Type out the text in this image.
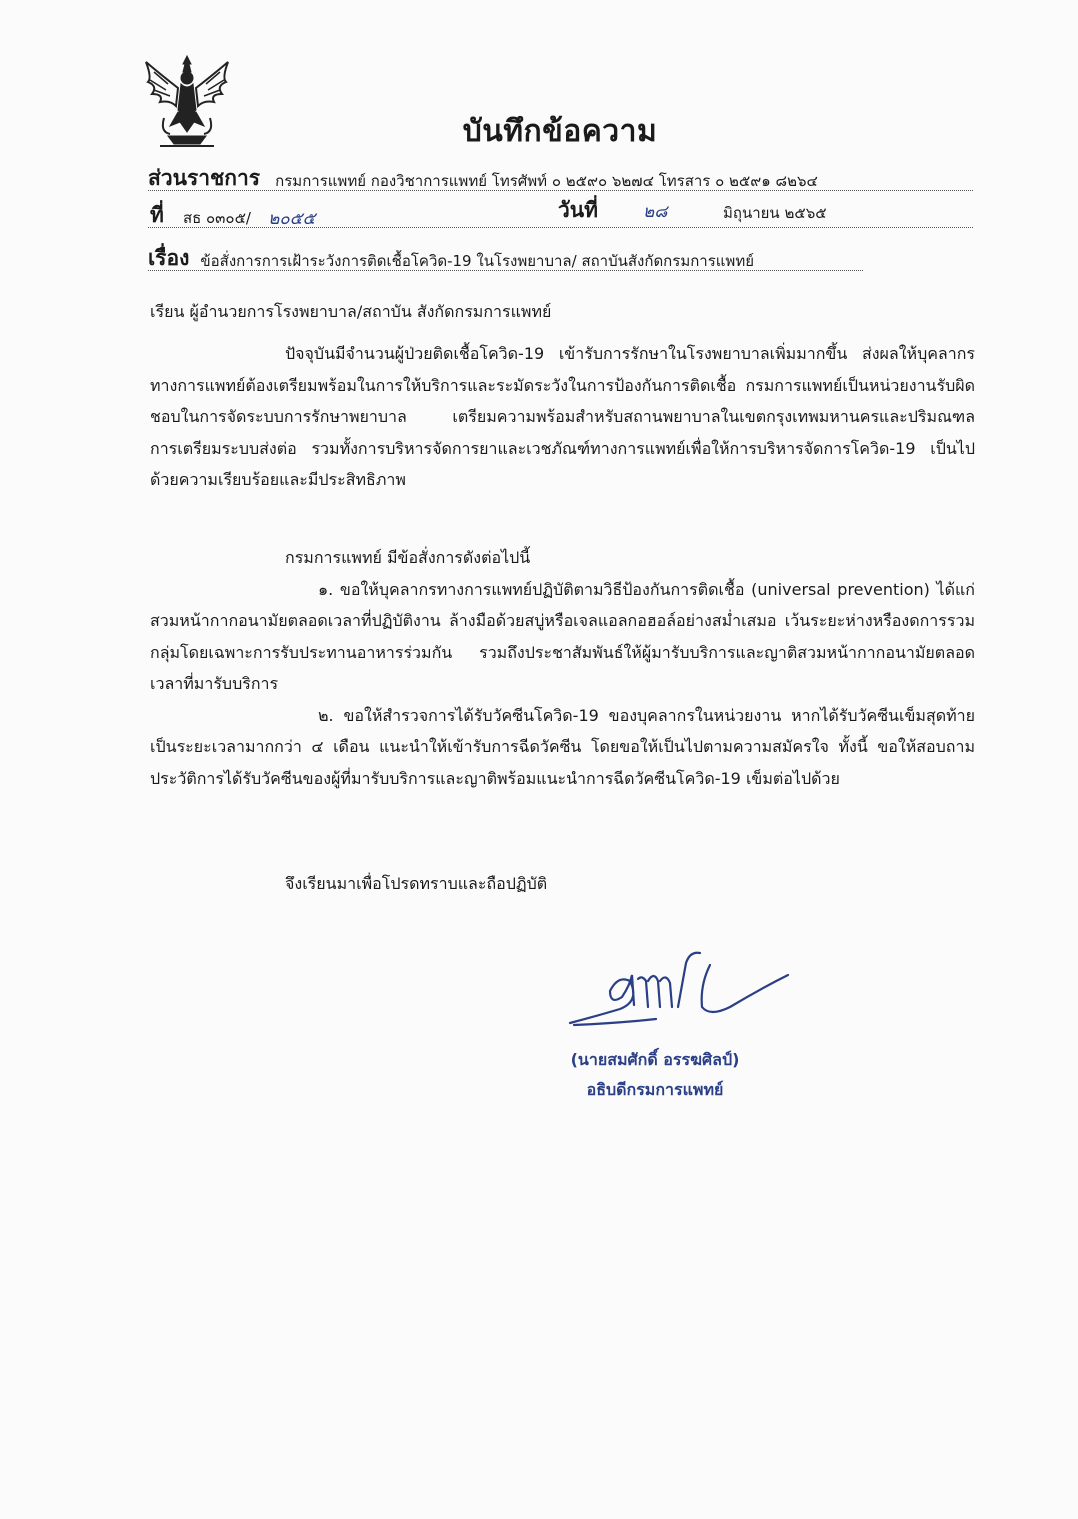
บันทึกข้อความ
ส่วนราชการ กรมการแพทย์ กองวิชาการแพทย์ โทรศัพท์ ๐ ๒๕๙๐ ๖๒๗๔ โทรสาร ๐ ๒๕๙๑ ๘๒๖๔
ที่ สธ ๐๓๐๕/ ๒๐๕๕	วันที่	๒๘	มิถุนายน ๒๕๖๕
เรื่อง ข้อสั่งการการเฝ้าระวังการติดเชื้อโควิด-19 ในโรงพยาบาล/ สถาบันสังกัดกรมการแพทย์
เรียน ผู้อำนวยการโรงพยาบาล/สถาบัน สังกัดกรมการแพทย์

ปัจจุบันมีจำนวนผู้ป่วยติดเชื้อโควิด-19 เข้ารับการรักษาในโรงพยาบาลเพิ่มมากขึ้น ส่งผลให้บุคลากรทางการแพทย์ต้องเตรียมพร้อมในการให้บริการและระมัดระวังในการป้องกันการติดเชื้อ กรมการแพทย์เป็นหน่วยงานรับผิดชอบในการจัดระบบการรักษาพยาบาล เตรียมความพร้อมสำหรับสถานพยาบาลในเขตกรุงเทพมหานครและปริมณฑล การเตรียมระบบส่งต่อ รวมทั้งการบริหารจัดการยาและเวชภัณฑ์ทางการแพทย์เพื่อให้การบริหารจัดการโควิด-19 เป็นไปด้วยความเรียบร้อยและมีประสิทธิภาพ

กรมการแพทย์ มีข้อสั่งการดังต่อไปนี้

๑. ขอให้บุคลากรทางการแพทย์ปฏิบัติตามวิธีป้องกันการติดเชื้อ (universal prevention) ได้แก่ สวมหน้ากากอนามัยตลอดเวลาที่ปฏิบัติงาน ล้างมือด้วยสบู่หรือเจลแอลกอฮอล์อย่างสม่ำเสมอ เว้นระยะห่างหรืองดการรวมกลุ่มโดยเฉพาะการรับประทานอาหารร่วมกัน รวมถึงประชาสัมพันธ์ให้ผู้มารับบริการและญาติสวมหน้ากากอนามัยตลอดเวลาที่มารับบริการ

๒. ขอให้สำรวจการได้รับวัคซีนโควิด-19 ของบุคลากรในหน่วยงาน หากได้รับวัคซีนเข็มสุดท้ายเป็นระยะเวลามากกว่า ๔ เดือน แนะนำให้เข้ารับการฉีดวัคซีน โดยขอให้เป็นไปตามความสมัครใจ ทั้งนี้ ขอให้สอบถามประวัติการได้รับวัคซีนของผู้ที่มารับบริการและญาติพร้อมแนะนำการฉีดวัคซีนโควิด-19 เข็มต่อไปด้วย

จึงเรียนมาเพื่อโปรดทราบและถือปฏิบัติ

(นายสมศักดิ์ อรรฆศิลป์)
อธิบดีกรมการแพทย์
